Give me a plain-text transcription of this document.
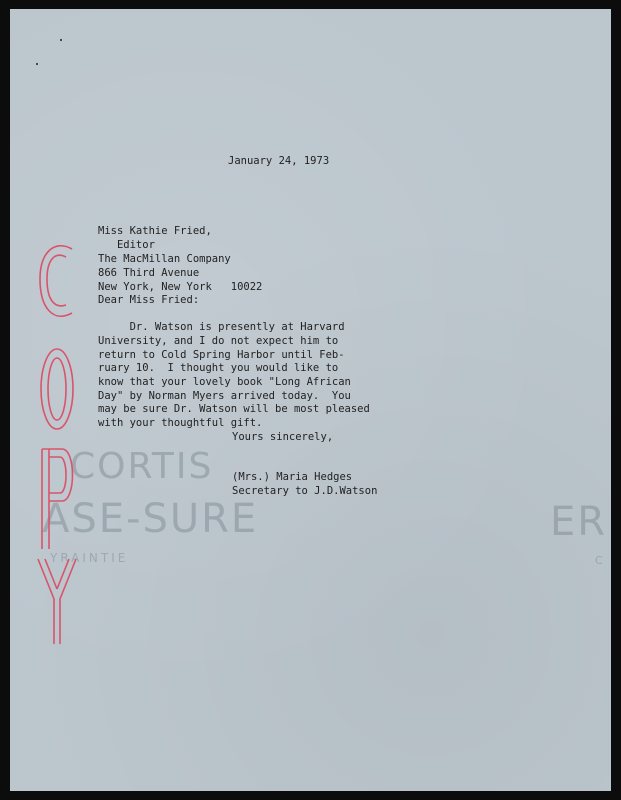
CORTIS
ASE-SURE
YRAINTIE
ER
C
January 24, 1973
Miss Kathie Fried,
Editor
The MacMillan Company
866 Third Avenue
New York, New York   10022
Dear Miss Fried:
Dr. Watson is presently at Harvard
University, and I do not expect him to
return to Cold Spring Harbor until Feb-
ruary 10.  I thought you would like to
know that your lovely book "Long African
Day" by Norman Myers arrived today.  You
may be sure Dr. Watson will be most pleased
with your thoughtful gift.
Yours sincerely,
(Mrs.) Maria Hedges
Secretary to J.D.Watson
